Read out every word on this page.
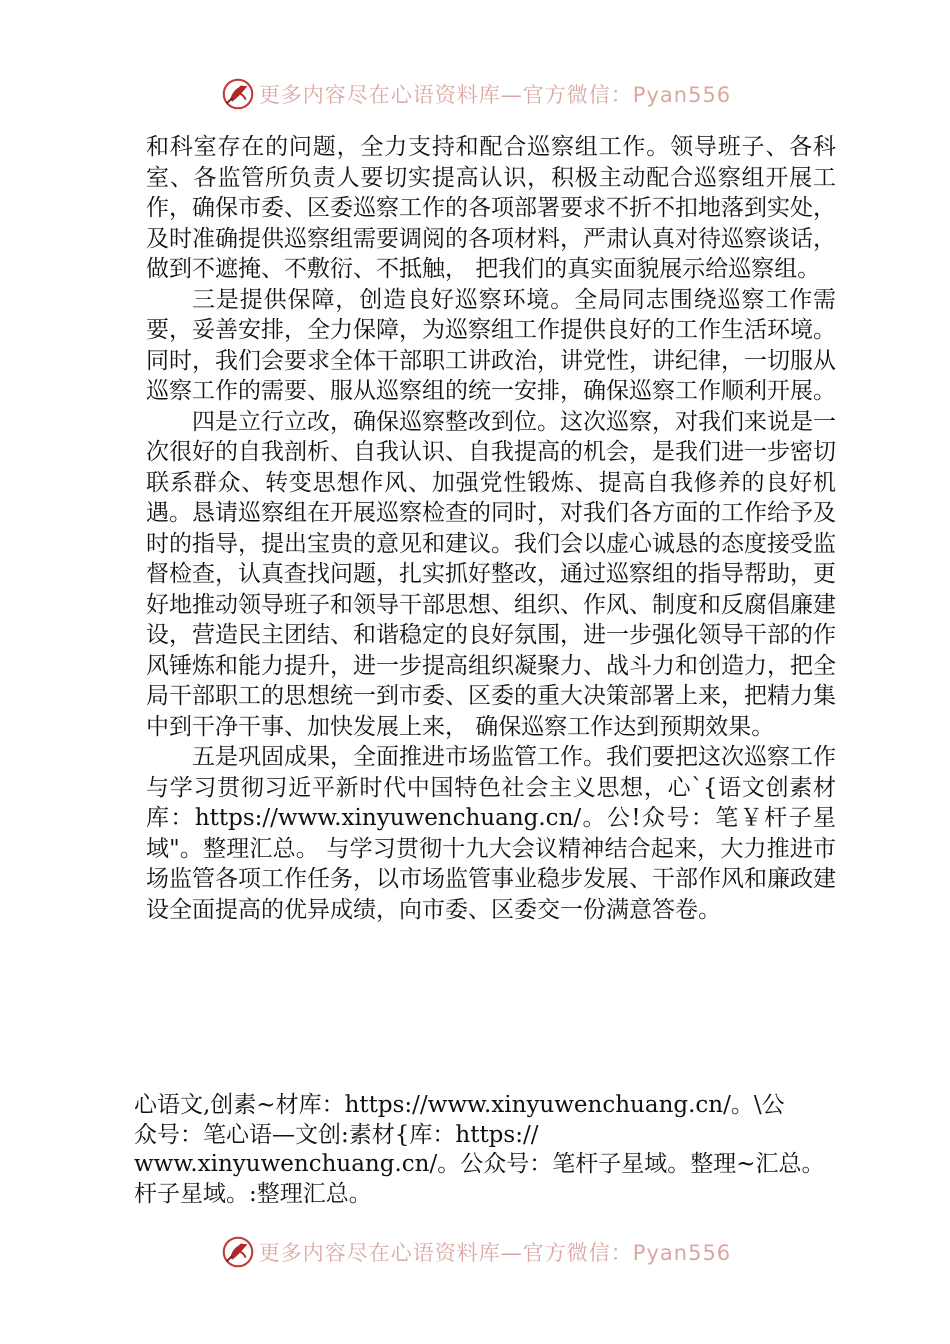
更多内容尽在心语资料库—官方微信：Pyan556

和科室存在的问题，全力支持和配合巡察组工作。领导班子、各科室、各监管所负责人要切实提高认识，积极主动配合巡察组开展工作，确保市委、区委巡察工作的各项部署要求不折不扣地落到实处，及时准确提供巡察组需要调阅的各项材料，严肃认真对待巡察谈话，做到不遮掩、不敷衍、不抵触， 把我们的真实面貌展示给巡察组。

三是提供保障，创造良好巡察环境。全局同志围绕巡察工作需要，妥善安排，全力保障，为巡察组工作提供良好的工作生活环境。同时，我们会要求全体干部职工讲政治，讲党性，讲纪律，一切服从巡察工作的需要、服从巡察组的统一安排，确保巡察工作顺利开展。

四是立行立改，确保巡察整改到位。这次巡察，对我们来说是一次很好的自我剖析、自我认识、自我提高的机会，是我们进一步密切联系群众、转变思想作风、加强党性锻炼、提高自我修养的良好机遇。恳请巡察组在开展巡察检查的同时，对我们各方面的工作给予及时的指导，提出宝贵的意见和建议。我们会以虚心诚恳的态度接受监督检查，认真查找问题，扎实抓好整改，通过巡察组的指导帮助，更好地推动领导班子和领导干部思想、组织、作风、制度和反腐倡廉建设，营造民主团结、和谐稳定的良好氛围，进一步强化领导干部的作风锤炼和能力提升，进一步提高组织凝聚力、战斗力和创造力，把全局干部职工的思想统一到市委、区委的重大决策部署上来，把精力集中到干净干事、加快发展上来， 确保巡察工作达到预期效果。

五是巩固成果，全面推进市场监管工作。我们要把这次巡察工作与学习贯彻习近平新时代中国特色社会主义思想，心`{语文创素材库：https://www.xinyuwenchuang.cn/。公!众号：笔￥杆子星域"。整理汇总。 与学习贯彻十九大会议精神结合起来，大力推进市场监管各项工作任务，以市场监管事业稳步发展、干部作风和廉政建设全面提高的优异成绩，向市委、区委交一份满意答卷。

心语文,创素~材库：https://www.xinyuwenchuang.cn/。\公

众号：笔心语—文创:素材{库：https://

www.xinyuwenchuang.cn/。公众号：笔杆子星域。整理~汇总。

杆子星域。:整理汇总。

更多内容尽在心语资料库—官方微信：Pyan556
